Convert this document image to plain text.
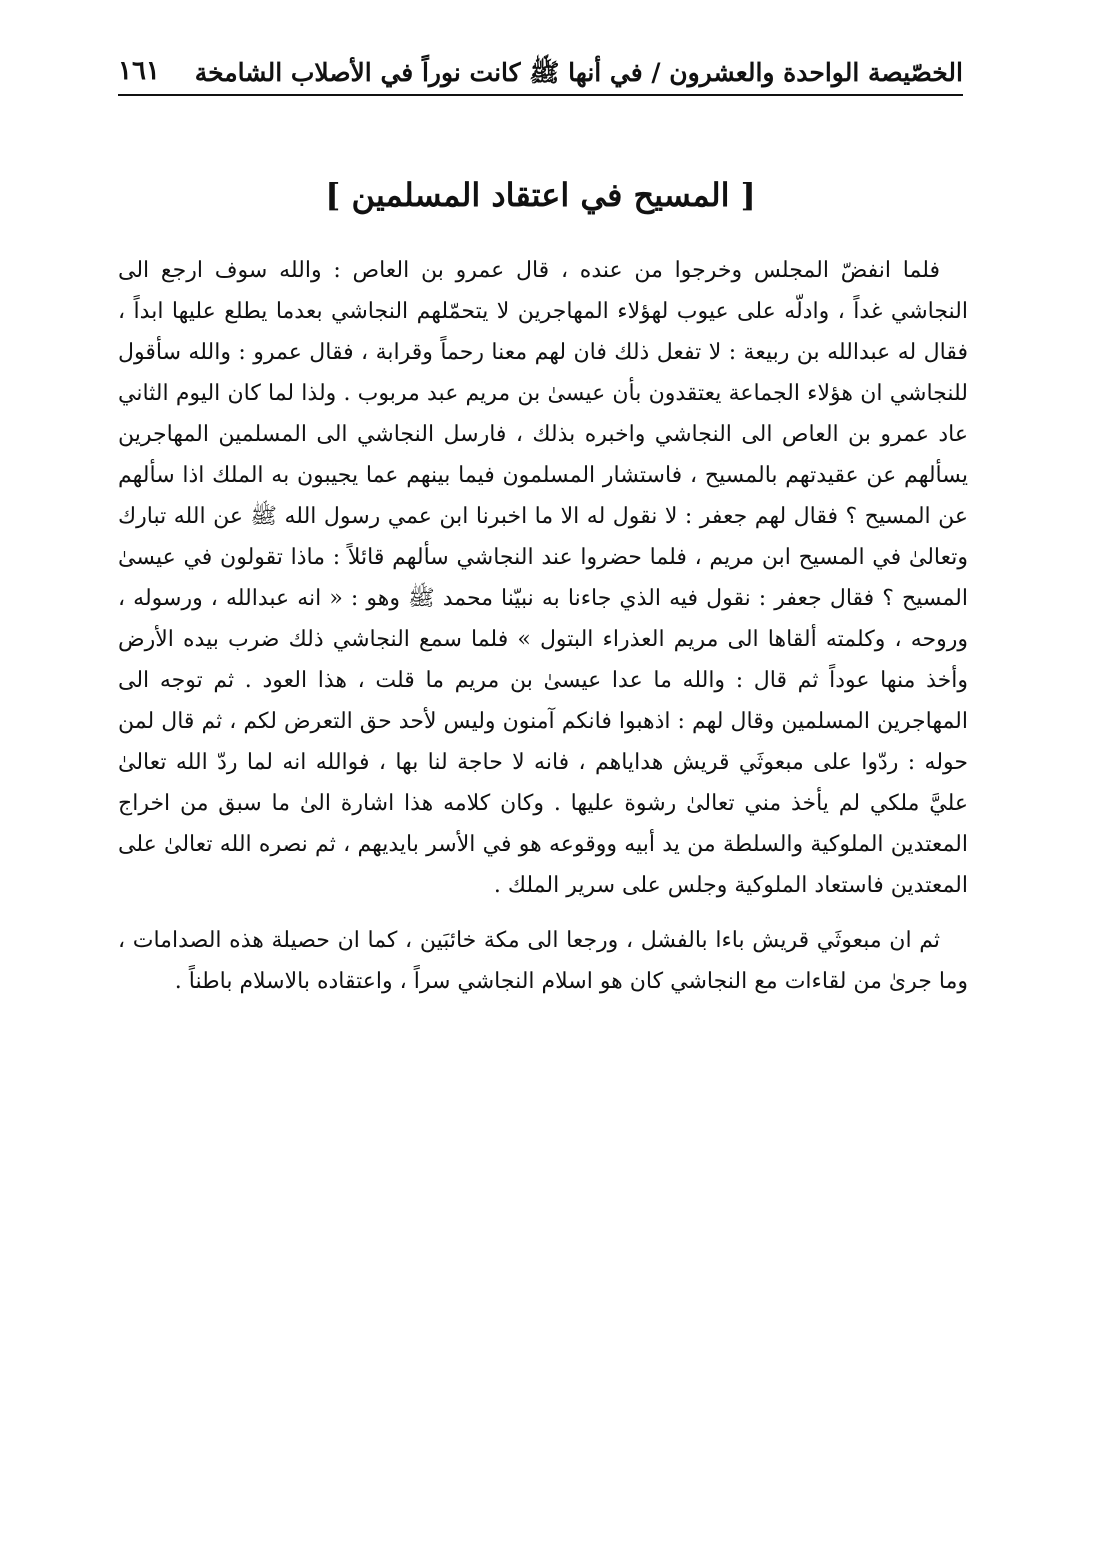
الخصّيصة الواحدة والعشرون / في أنها ﷺ كانت نوراً في الأصلاب الشامخة
١٦١
[ المسيح في اعتقاد المسلمين ]

فلما انفضّ المجلس وخرجوا من عنده ، قال عمرو بن العاص : والله سوف ارجع الى النجاشي غداً ، وادلّه على عيوب لهؤلاء المهاجرين لا يتحمّلهم النجاشي بعدما يطلع عليها ابداً ، فقال له عبدالله بن ربيعة : لا تفعل ذلك فان لهم معنا رحماً وقرابة ، فقال عمرو : والله سأقول للنجاشي ان هؤلاء الجماعة يعتقدون بأن عيسىٰ بن مريم عبد مربوب . ولذا لما كان اليوم الثاني عاد عمرو بن العاص الى النجاشي واخبره بذلك ، فارسل النجاشي الى المسلمين المهاجرين يسألهم عن عقيدتهم بالمسيح ، فاستشار المسلمون فيما بينهم عما يجيبون به الملك اذا سألهم عن المسيح ؟ فقال لهم جعفر : لا نقول له الا ما اخبرنا ابن عمي رسول الله ﷺ عن الله تبارك وتعالىٰ في المسيح ابن مريم ، فلما حضروا عند النجاشي سألهم قائلاً : ماذا تقولون في عيسىٰ المسيح ؟ فقال جعفر : نقول فيه الذي جاءنا به نبيّنا محمد ﷺ وهو : « انه عبدالله ، ورسوله ، وروحه ، وكلمته ألقاها الى مريم العذراء البتول » فلما سمع النجاشي ذلك ضرب بيده الأرض وأخذ منها عوداً ثم قال : والله ما عدا عيسىٰ بن مريم ما قلت ، هذا العود . ثم توجه الى المهاجرين المسلمين وقال لهم : اذهبوا فانكم آمنون وليس لأحد حق التعرض لكم ، ثم قال لمن حوله : ردّوا على مبعوثَي قريش هداياهم ، فانه لا حاجة لنا بها ، فوالله انه لما ردّ الله تعالىٰ عليَّ ملكي لم يأخذ مني تعالىٰ رشوة عليها . وكان كلامه هذا اشارة الىٰ ما سبق من اخراج المعتدين الملوكية والسلطة من يد أبيه ووقوعه هو في الأسر بايديهم ، ثم نصره الله تعالىٰ على المعتدين فاستعاد الملوكية وجلس على سرير الملك .

ثم ان مبعوثَي قريش باءا بالفشل ، ورجعا الى مكة خائبَين ، كما ان حصيلة هذه الصدامات ، وما جرىٰ من لقاءات مع النجاشي كان هو اسلام النجاشي سراً ، واعتقاده بالاسلام باطناً .
